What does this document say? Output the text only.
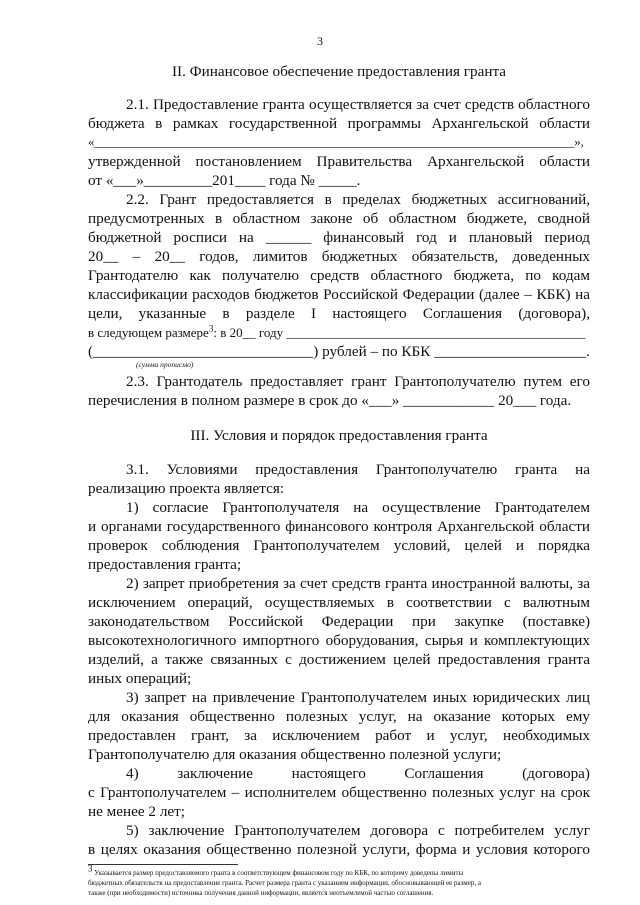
3
II. Финансовое обеспечение предоставления гранта
2.1. Предоставление гранта осуществляется за счет средств областного
бюджета в рамках государственной программы Архангельской области
«___________________________________________________________________________»,
утвержденной постановлением Правительства Архангельской области
от «___»_________201____ года № _____.
2.2. Грант предоставляется в пределах бюджетных ассигнований,
предусмотренных в областном законе об областном бюджете, сводной
бюджетной росписи на ______ финансовый год и плановый период
20__ – 20__ годов, лимитов бюджетных обязательств, доведенных
Грантодателю как получателю средств областного бюджета, по кодам
классификации расходов бюджетов Российской Федерации (далее – КБК) на
цели, указанные в разделе I настоящего Соглашения (договора),
в следующем размере$^3$: в 20__ году ______________________________________________
(_____________________________) рублей – по КБК ____________________.
(сумма прописью)
2.3. Грантодатель предоставляет грант Грантополучателю путем его
перечисления в полном размере в срок до «___» ____________ 20___ года.
III. Условия и порядок предоставления гранта
3.1. Условиями предоставления Грантополучателю гранта на
реализацию проекта является:
1) согласие Грантополучателя на осуществление Грантодателем
и органами государственного финансового контроля Архангельской области
проверок соблюдения Грантополучателем условий, целей и порядка
предоставления гранта;
2) запрет приобретения за счет средств гранта иностранной валюты, за
исключением операций, осуществляемых в соответствии с валютным
законодательством Российской Федерации при закупке (поставке)
высокотехнологичного импортного оборудования, сырья и комплектующих
изделий, а также связанных с достижением целей предоставления гранта
иных операций;
3) запрет на привлечение Грантополучателем иных юридических лиц
для оказания общественно полезных услуг, на оказание которых ему
предоставлен грант, за исключением работ и услуг, необходимых
Грантополучателю для оказания общественно полезной услуги;
4)	заключение	настоящего	Соглашения	(договора)
с Грантополучателем – исполнителем общественно полезных услуг на срок
не менее 2 лет;
5) заключение Грантополучателем договора с потребителем услуг
в целях оказания общественно полезной услуги, форма и условия которого
3 Указывается размер предоставляемого гранта в соответствующем финансовом году по КБК, по которому доведены лимиты
бюджетных обязательств на предоставление гранта. Расчет размера гранта с указанием информации, обосновывающей ее размер, а
также (при необходимости) источника получения данной информации, является неотъемлемой частью соглашения.
